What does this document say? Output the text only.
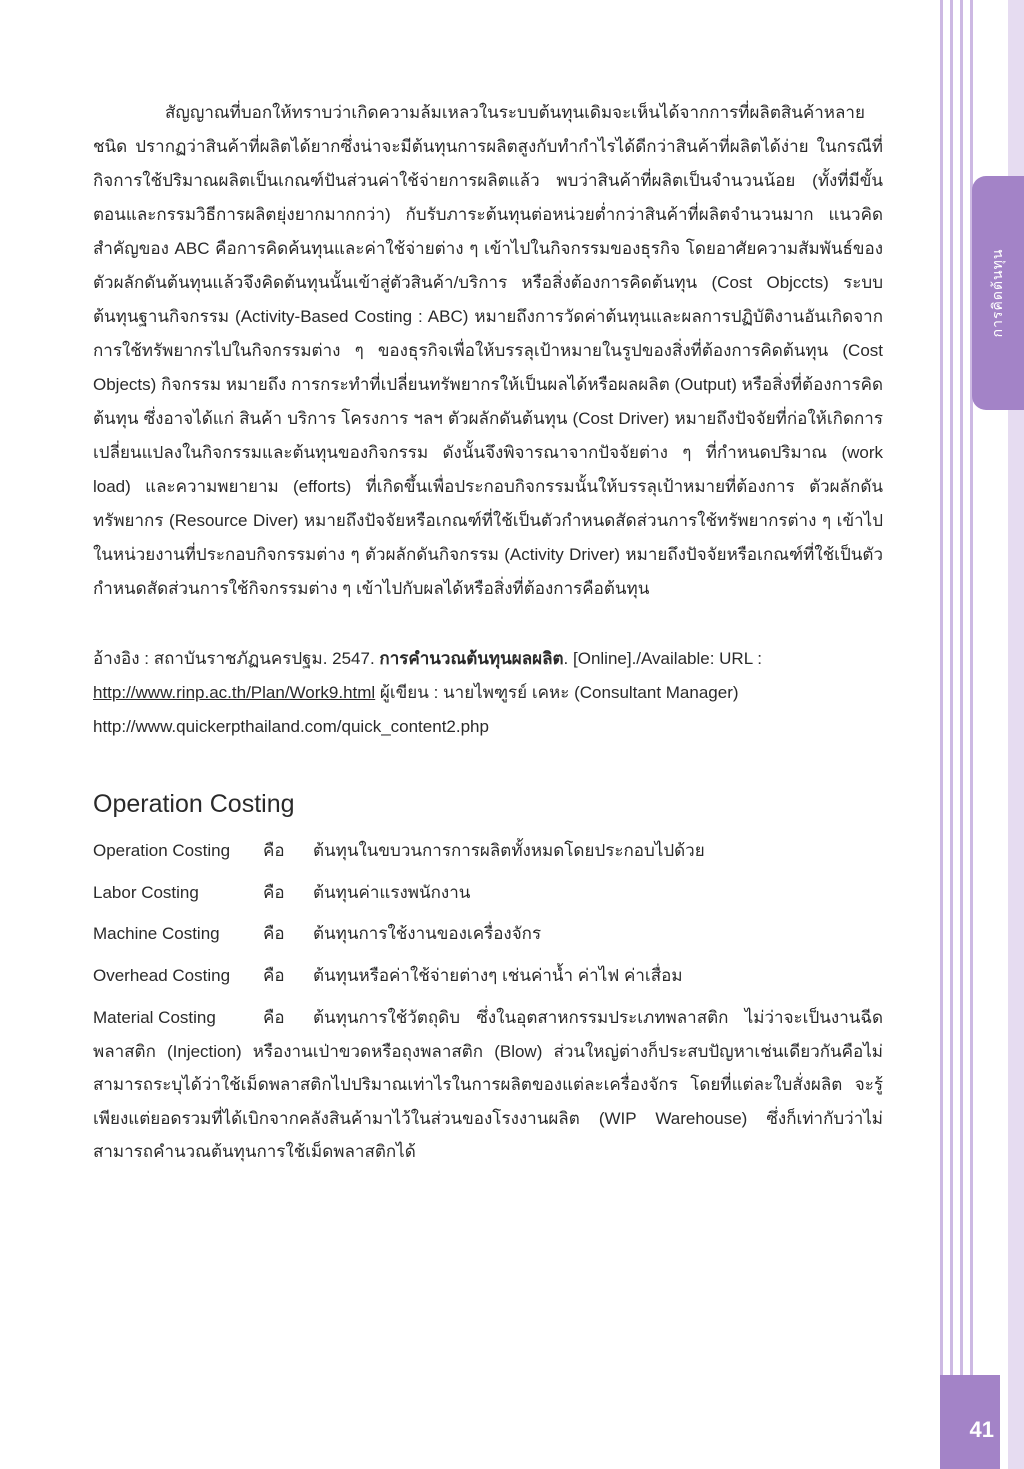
การคิดต้นทุน

สัญญาณที่บอกให้ทราบว่าเกิดความล้มเหลวในระบบต้นทุนเดิมจะเห็นได้จากการที่ผลิตสินค้าหลายชนิด ปรากฏว่าสินค้าที่ผลิตได้ยากซึ่งน่าจะมีต้นทุนการผลิตสูงกับทำกำไรได้ดีกว่าสินค้าที่ผลิตได้ง่าย ในกรณีที่กิจการใช้ปริมาณผลิตเป็นเกณฑ์ปันส่วนค่าใช้จ่ายการผลิตแล้ว พบว่าสินค้าที่ผลิตเป็นจำนวนน้อย (ทั้งที่มีขั้นตอนและกรรมวิธีการผลิตยุ่งยากมากกว่า) กับรับภาระต้นทุนต่อหน่วยต่ำกว่าสินค้าที่ผลิตจำนวนมาก แนวคิดสำคัญของ ABC คือการคิดค้นทุนและค่าใช้จ่ายต่าง ๆ เข้าไปในกิจกรรมของธุรกิจ โดยอาศัยความสัมพันธ์ของตัวผลักดันต้นทุนแล้วจึงคิดต้นทุนนั้นเข้าสู่ตัวสินค้า/บริการ หรือสิ่งต้องการคิดต้นทุน (Cost Objccts) ระบบต้นทุนฐานกิจกรรม (Activity-Based Costing : ABC) หมายถึงการวัดค่าต้นทุนและผลการปฏิบัติงานอันเกิดจากการใช้ทรัพยากรไปในกิจกรรมต่าง ๆ ของธุรกิจเพื่อให้บรรลุเป้าหมายในรูปของสิ่งที่ต้องการคิดต้นทุน (Cost Objects) กิจกรรม หมายถึง การกระทำที่เปลี่ยนทรัพยากรให้เป็นผลได้หรือผลผลิต (Output) หรือสิ่งที่ต้องการคิดต้นทุน ซึ่งอาจได้แก่ สินค้า บริการ โครงการ ฯลฯ ตัวผลักดันต้นทุน (Cost Driver) หมายถึงปัจจัยที่ก่อให้เกิดการเปลี่ยนแปลงในกิจกรรมและต้นทุนของกิจกรรม ดังนั้นจึงพิจารณาจากปัจจัยต่าง ๆ ที่กำหนดปริมาณ (work load) และความพยายาม (efforts) ที่เกิดขึ้นเพื่อประกอบกิจกรรมนั้นให้บรรลุเป้าหมายที่ต้องการ ตัวผลักดันทรัพยากร (Resource Diver) หมายถึงปัจจัยหรือเกณฑ์ที่ใช้เป็นตัวกำหนดสัดส่วนการใช้ทรัพยากรต่าง ๆ เข้าไปในหน่วยงานที่ประกอบกิจกรรมต่าง ๆ ตัวผลักดันกิจกรรม (Activity Driver) หมายถึงปัจจัยหรือเกณฑ์ที่ใช้เป็นตัวกำหนดสัดส่วนการใช้กิจกรรมต่าง ๆ เข้าไปกับผลได้หรือสิ่งที่ต้องการคือต้นทุน

อ้างอิง : สถาบันราชภัฏนครปฐม. 2547. การคำนวณต้นทุนผลผลิต. [Online]./Available: URL :
http://www.rinp.ac.th/Plan/Work9.html ผู้เขียน : นายไพฑูรย์ เคหะ (Consultant Manager)
http://www.quickerpthailand.com/quick_content2.php
Operation Costing
Operation Costing	คือ	ต้นทุนในขบวนการการผลิตทั้งหมดโดยประกอบไปด้วย
Labor Costing	คือ	ต้นทุนค่าแรงพนักงาน
Machine Costing	คือ	ต้นทุนการใช้งานของเครื่องจักร
Overhead Costing	คือ	ต้นทุนหรือค่าใช้จ่ายต่างๆ เช่นค่าน้ำ ค่าไฟ ค่าเสื่อม
Material Costing	คือ ต้นทุนการใช้วัตถุดิบ ซึ่งในอุตสาหกรรมประเภทพลาสติก ไม่ว่าจะเป็นงานฉีดพลาสติก (Injection) หรืองานเป่าขวดหรือถุงพลาสติก (Blow) ส่วนใหญ่ต่างก็ประสบปัญหาเช่นเดียวกันคือไม่สามารถระบุได้ว่าใช้เม็ดพลาสติกไปปริมาณเท่าไรในการผลิตของแต่ละเครื่องจักร โดยที่แต่ละใบสั่งผลิต จะรู้เพียงแต่ยอดรวมที่ได้เบิกจากคลังสินค้ามาไว้ในส่วนของโรงงานผลิต (WIP Warehouse) ซึ่งก็เท่ากับว่าไม่สามารถคำนวณต้นทุนการใช้เม็ดพลาสติกได้
41
